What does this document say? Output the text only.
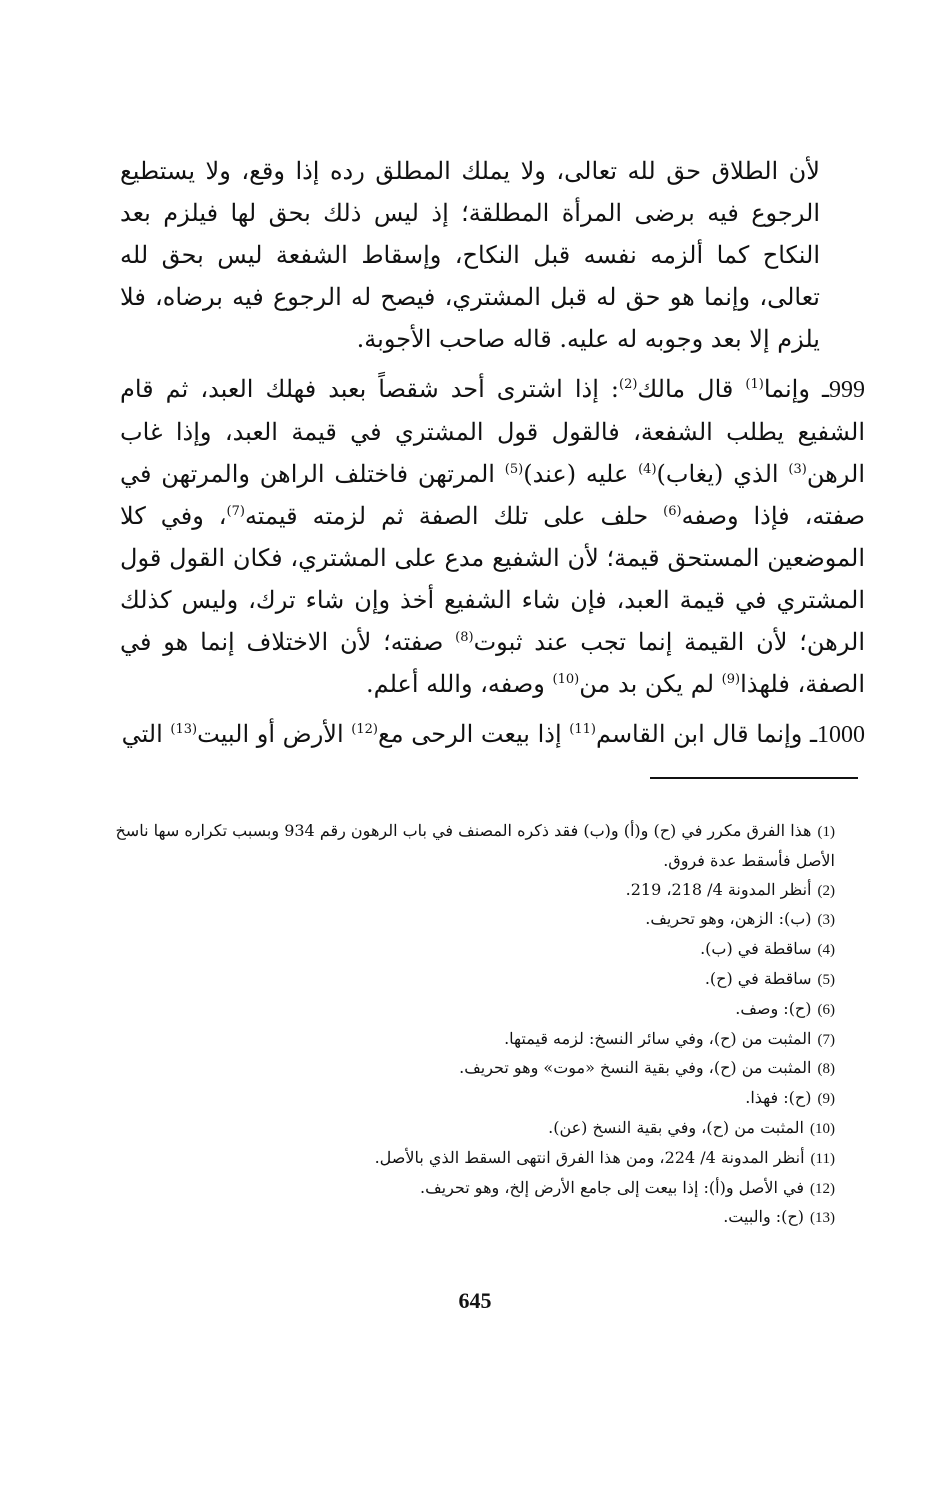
لأن الطلاق حق لله تعالى، ولا يملك المطلق رده إذا وقع، ولا يستطيع الرجوع فيه برضى المرأة المطلقة؛ إذ ليس ذلك بحق لها فيلزم بعد النكاح كما ألزمه نفسه قبل النكاح، وإسقاط الشفعة ليس بحق لله تعالى، وإنما هو حق له قبل المشتري، فيصح له الرجوع فيه برضاه، فلا يلزم إلا بعد وجوبه له عليه. قاله صاحب الأجوبة.

999ـ وإنما$^{(1)}$ قال مالك$^{(2)}$: إذا اشترى أحد شقصاً بعبد فهلك العبد، ثم قام الشفيع يطلب الشفعة، فالقول قول المشتري في قيمة العبد، وإذا غاب الرهن$^{(3)}$ الذي (يغاب)$^{(4)}$ عليه (عند)$^{(5)}$ المرتهن فاختلف الراهن والمرتهن في صفته، فإذا وصفه$^{(6)}$ حلف على تلك الصفة ثم لزمته قيمته$^{(7)}$، وفي كلا الموضعين المستحق قيمة؛ لأن الشفيع مدع على المشتري، فكان القول قول المشتري في قيمة العبد، فإن شاء الشفيع أخذ وإن شاء ترك، وليس كذلك الرهن؛ لأن القيمة إنما تجب عند ثبوت$^{(8)}$ صفته؛ لأن الاختلاف إنما هو في الصفة، فلهذا$^{(9)}$ لم يكن بد من$^{(10)}$ وصفه، والله أعلم.

1000ـ وإنما قال ابن القاسم$^{(11)}$ إذا بيعت الرحى مع$^{(12)}$ الأرض أو البيت$^{(13)}$ التي

(1)هذا الفرق مكرر في (ح) و(أ) و(ب) فقد ذكره المصنف في باب الرهون رقم 934 وبسبب تكراره سها ناسخ الأصل فأسقط عدة فروق.

(2)أنظر المدونة 4/ 218، 219.

(3)(ب): الزهن، وهو تحريف.

(4)ساقطة في (ب).

(5)ساقطة في (ح).

(6)(ح): وصف.

(7)المثبت من (ح)، وفي سائر النسخ: لزمه قيمتها.

(8)المثبت من (ح)، وفي بقية النسخ «موت» وهو تحريف.

(9)(ح): فهذا.

(10)المثبت من (ح)، وفي بقية النسخ (عن).

(11)أنظر المدونة 4/ 224، ومن هذا الفرق انتهى السقط الذي بالأصل.

(12)في الأصل و(أ): إذا بيعت إلى جامع الأرض إلخ، وهو تحريف.

(13)(ح): والبيت.

645
